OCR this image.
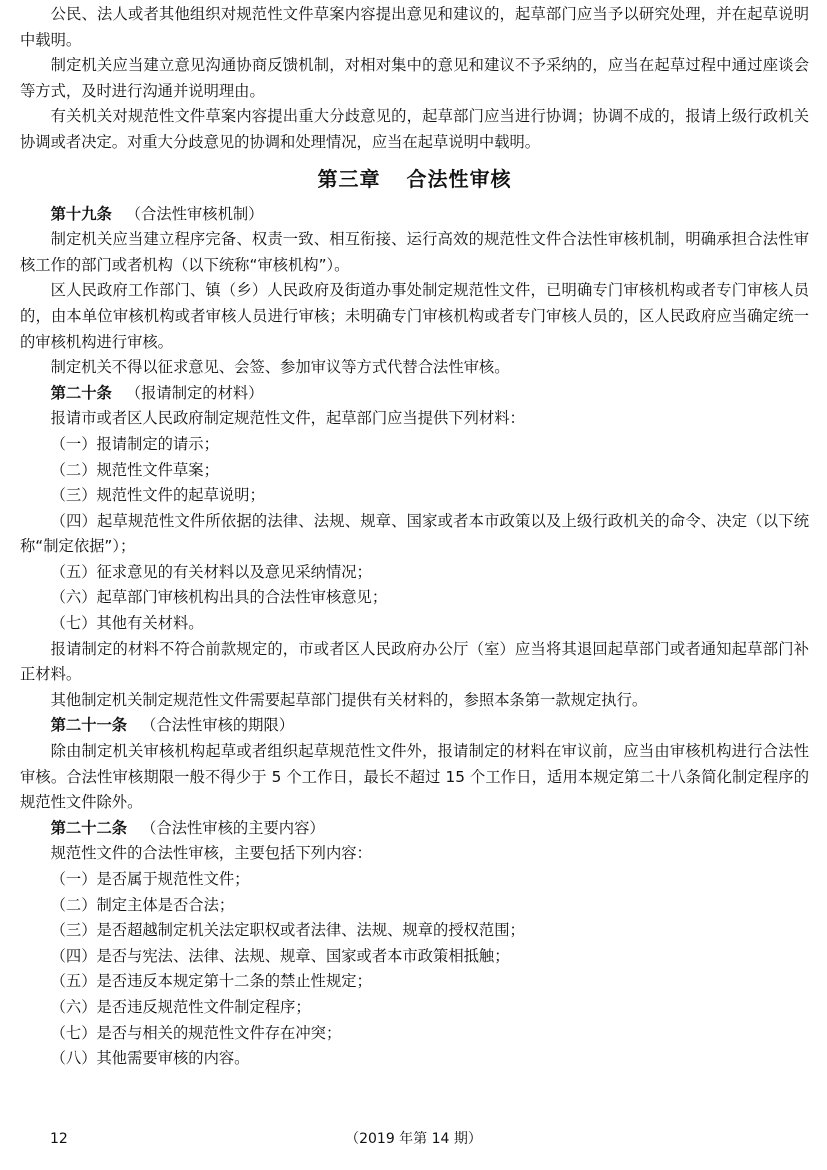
公民、法人或者其他组织对规范性文件草案内容提出意见和建议的，起草部门应当予以研究处理，并在起草说明中载明。

制定机关应当建立意见沟通协商反馈机制，对相对集中的意见和建议不予采纳的，应当在起草过程中通过座谈会等方式，及时进行沟通并说明理由。

有关机关对规范性文件草案内容提出重大分歧意见的，起草部门应当进行协调；协调不成的，报请上级行政机关协调或者决定。对重大分歧意见的协调和处理情况，应当在起草说明中载明。

第三章 合法性审核

第十九条 （合法性审核机制）

制定机关应当建立程序完备、权责一致、相互衔接、运行高效的规范性文件合法性审核机制，明确承担合法性审核工作的部门或者机构（以下统称“审核机构”）。

区人民政府工作部门、镇（乡）人民政府及街道办事处制定规范性文件，已明确专门审核机构或者专门审核人员的，由本单位审核机构或者审核人员进行审核；未明确专门审核机构或者专门审核人员的，区人民政府应当确定统一的审核机构进行审核。

制定机关不得以征求意见、会签、参加审议等方式代替合法性审核。

第二十条 （报请制定的材料）

报请市或者区人民政府制定规范性文件，起草部门应当提供下列材料：

（一）报请制定的请示；

（二）规范性文件草案；

（三）规范性文件的起草说明；

（四）起草规范性文件所依据的法律、法规、规章、国家或者本市政策以及上级行政机关的命令、决定（以下统称“制定依据”）；

（五）征求意见的有关材料以及意见采纳情况；

（六）起草部门审核机构出具的合法性审核意见；

（七）其他有关材料。

报请制定的材料不符合前款规定的，市或者区人民政府办公厅（室）应当将其退回起草部门或者通知起草部门补正材料。

其他制定机关制定规范性文件需要起草部门提供有关材料的，参照本条第一款规定执行。

第二十一条 （合法性审核的期限）

除由制定机关审核机构起草或者组织起草规范性文件外，报请制定的材料在审议前，应当由审核机构进行合法性审核。合法性审核期限一般不得少于 5 个工作日，最长不超过 15 个工作日，适用本规定第二十八条简化制定程序的规范性文件除外。

第二十二条 （合法性审核的主要内容）

规范性文件的合法性审核，主要包括下列内容：

（一）是否属于规范性文件；

（二）制定主体是否合法；

（三）是否超越制定机关法定职权或者法律、法规、规章的授权范围；

（四）是否与宪法、法律、法规、规章、国家或者本市政策相抵触；

（五）是否违反本规定第十二条的禁止性规定；

（六）是否违反规范性文件制定程序；

（七）是否与相关的规范性文件存在冲突；

（八）其他需要审核的内容。

12	（2019 年第 14 期）
